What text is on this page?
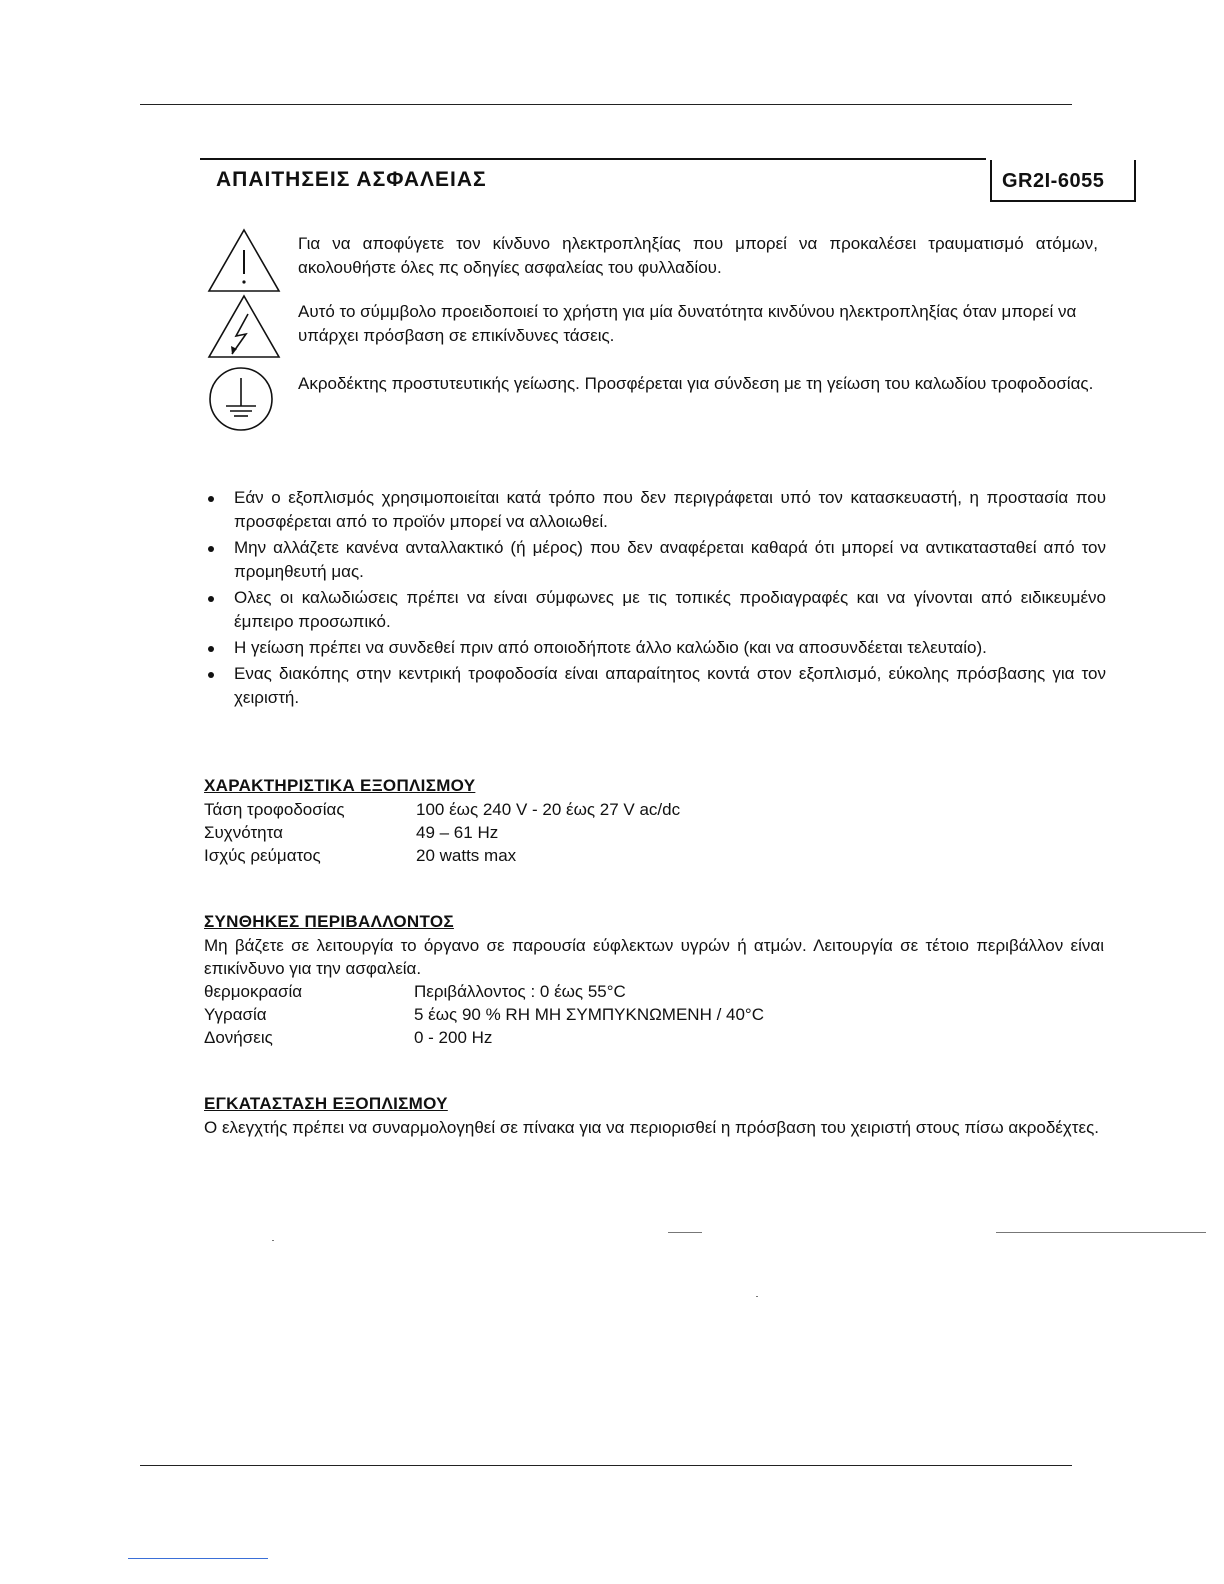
ΑΠΑΙΤΗΣΕΙΣ ΑΣΦΑΛΕΙΑΣ	GR2I-6055
Για να αποφύγετε τον κίνδυνο ηλεκτροπληξίας που μπορεί να προκαλέσει τραυματισμό ατόμων, ακολουθήστε όλες πς οδηγίες ασφαλείας του φυλλαδίου.
Αυτό το σύμμβολο προειδοποιεί το χρήστη για μία δυνατότητα κινδύνου ηλεκτροπληξίας όταν μπορεί να υπάρχει πρόσβαση σε επικίνδυνες τάσεις.
Ακροδέκτης προστυτευτικής γείωσης. Προσφέρεται για σύνδεση με τη γείωση του καλωδίου τροφοδοσίας.
Εάν ο εξοπλισμός χρησιμοποιείται κατά τρόπο που δεν περιγράφεται υπό τον κατασκευαστή, η προστασία που προσφέρεται από το προϊόν μπορεί να αλλοιωθεί.
Μην αλλάζετε κανένα ανταλλακτικό (ή μέρος) που δεν αναφέρεται καθαρά ότι μπορεί να αντικατασταθεί από τον προμηθευτή μας.
Ολες οι καλωδιώσεις πρέπει να είναι σύμφωνες με τις τοπικές προδιαγραφές και να γίνονται από ειδικευμένο έμπειρο προσωπικό.
Η γείωση πρέπει να συνδεθεί πριν από οποιοδήποτε άλλο καλώδιο (και να αποσυνδέεται τελευταίο).
Ενας διακόπης στην κεντρική τροφοδοσία είναι απαραίτητος κοντά στον εξοπλισμό, εύκολης πρόσβασης για τον χειριστή.
ΧΑΡΑΚΤΗΡΙΣΤΙΚΑ ΕΞΟΠΛΙΣΜΟΥ
Τάση τροφοδοσίας	100 έως 240 V - 20 έως 27 V ac/dc
Συχνότητα	49 – 61 Hz
Ισχύς ρεύματος	20 watts max
ΣΥΝΘΗΚΕΣ ΠΕΡΙΒΑΛΛΟΝΤΟΣ
Μη βάζετε σε λειτουργία το όργανο σε παρουσία εύφλεκτων υγρών ή ατμών. Λειτουργία σε τέτοιο περιβάλλον είναι επικίνδυνο για την ασφαλεία.
θερμοκρασία	Περιβάλλοντος : 0 έως 55°C
Υγρασία	5 έως 90 % RH ΜΗ ΣΥΜΠΥΚΝΩΜΕΝΗ / 40°C
Δονήσεις	0 - 200 Hz
ΕΓΚΑΤΑΣΤΑΣΗ ΕΞΟΠΛΙΣΜΟΥ
Ο ελεγχτής πρέπει να συναρμολογηθεί σε πίνακα για να περιορισθεί η πρόσβαση του χειριστή στους πίσω ακροδέχτες.
